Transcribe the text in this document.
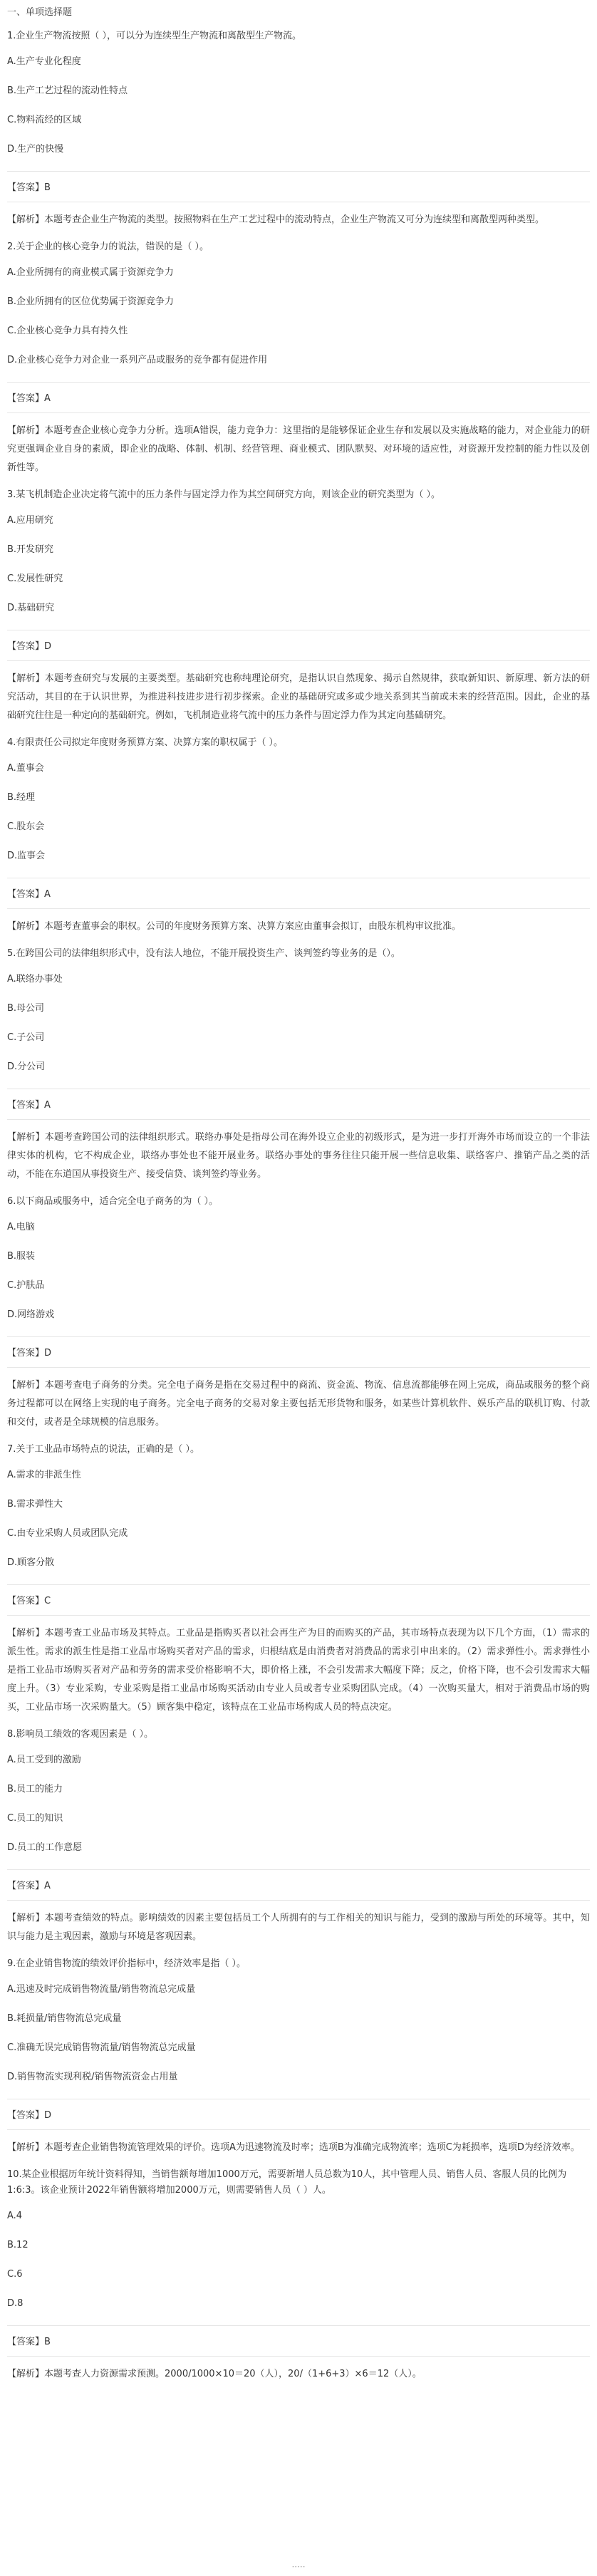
一、单项选择题
1.企业生产物流按照（ ），可以分为连续型生产物流和离散型生产物流。
A.生产专业化程度
B.生产工艺过程的流动性特点
C.物料流经的区域
D.生产的快慢
【答案】B
【解析】本题考查企业生产物流的类型。按照物料在生产工艺过程中的流动特点，企业生产物流又可分为连续型和离散型两种类型。
2.关于企业的核心竞争力的说法，错误的是（ ）。
A.企业所拥有的商业模式属于资源竞争力
B.企业所拥有的区位优势属于资源竞争力
C.企业核心竞争力具有持久性
D.企业核心竞争力对企业一系列产品或服务的竞争都有促进作用
【答案】A
【解析】本题考查企业核心竞争力分析。选项A错误，能力竞争力：这里指的是能够保证企业生存和发展以及实施战略的能力，对企业能力的研究更强调企业自身的素质，即企业的战略、体制、机制、经营管理、商业模式、团队默契、对环境的适应性，对资源开发控制的能力性以及创新性等。
3.某飞机制造企业决定将气流中的压力条件与固定浮力作为其空间研究方向，则该企业的研究类型为（ ）。
A.应用研究
B.开发研究
C.发展性研究
D.基础研究
【答案】D
【解析】本题考查研究与发展的主要类型。基础研究也称纯理论研究，是指认识自然现象、揭示自然规律，获取新知识、新原理、新方法的研究活动，其目的在于认识世界，为推进科技进步进行初步探索。企业的基础研究或多或少地关系到其当前或未来的经营范围。因此，企业的基础研究往往是一种定向的基础研究。例如，飞机制造业将气流中的压力条件与固定浮力作为其定向基础研究。
4.有限责任公司拟定年度财务预算方案、决算方案的职权属于（ ）。
A.董事会
B.经理
C.股东会
D.监事会
【答案】A
【解析】本题考查董事会的职权。公司的年度财务预算方案、决算方案应由董事会拟订，由股东机构审议批准。
5.在跨国公司的法律组织形式中，没有法人地位，不能开展投资生产、谈判签约等业务的是（）。
A.联络办事处
B.母公司
C.子公司
D.分公司
【答案】A
【解析】本题考查跨国公司的法律组织形式。联络办事处是指母公司在海外设立企业的初级形式，是为进一步打开海外市场而设立的一个非法律实体的机构，它不构成企业，联络办事处也不能开展业务。联络办事处的事务往往只能开展一些信息收集、联络客户、推销产品之类的活动，不能在东道国从事投资生产、接受信贷、谈判签约等业务。
6.以下商品或服务中，适合完全电子商务的为（ ）。
A.电脑
B.服装
C.护肤品
D.网络游戏
【答案】D
【解析】本题考查电子商务的分类。完全电子商务是指在交易过程中的商流、资金流、物流、信息流都能够在网上完成，商品或服务的整个商务过程都可以在网络上实现的电子商务。完全电子商务的交易对象主要包括无形货物和服务，如某些计算机软件、娱乐产品的联机订购、付款和交付，或者是全球规模的信息服务。
7.关于工业品市场特点的说法，正确的是（ ）。
A.需求的非派生性
B.需求弹性大
C.由专业采购人员或团队完成
D.顾客分散
【答案】C
【解析】本题考查工业品市场及其特点。工业品是指购买者以社会再生产为目的而购买的产品，其市场特点表现为以下几个方面，（1）需求的派生性。需求的派生性是指工业品市场购买者对产品的需求，归根结底是由消费者对消费品的需求引申出来的。（2）需求弹性小。需求弹性小是指工业品市场购买者对产品和劳务的需求受价格影响不大，即价格上涨，不会引发需求大幅度下降；反之，价格下降，也不会引发需求大幅度上升。（3）专业采购，专业采购是指工业品市场购买活动由专业人员或者专业采购团队完成。（4）一次购买量大，相对于消费品市场的购买，工业品市场一次采购量大。（5）顾客集中稳定，该特点在工业品市场构成人员的特点决定。
8.影响员工绩效的客观因素是（ ）。
A.员工受到的激励
B.员工的能力
C.员工的知识
D.员工的工作意愿
【答案】A
【解析】本题考查绩效的特点。影响绩效的因素主要包括员工个人所拥有的与工作相关的知识与能力，受到的激励与所处的环境等。其中，知识与能力是主观因素，激励与环境是客观因素。
9.在企业销售物流的绩效评价指标中，经济效率是指（ ）。
A.迅速及时完成销售物流量/销售物流总完成量
B.耗损量/销售物流总完成量
C.准确无误完成销售物流量/销售物流总完成量
D.销售物流实现利税/销售物流资金占用量
【答案】D
【解析】本题考查企业销售物流管理效果的评价。选项A为迅速物流及时率；选项B为准确完成物流率；选项C为耗损率，选项D为经济效率。
10.某企业根据历年统计资料得知，当销售额每增加1000万元，需要新增人员总数为10人，其中管理人员、销售人员、客服人员的比例为1:6:3。该企业预计2022年销售额将增加2000万元，则需要销售人员（ ）人。
A.4
B.12
C.6
D.8
【答案】B
【解析】本题考查人力资源需求预测。2000/1000×10＝20（人），20/（1+6+3）×6＝12（人）。
·····
